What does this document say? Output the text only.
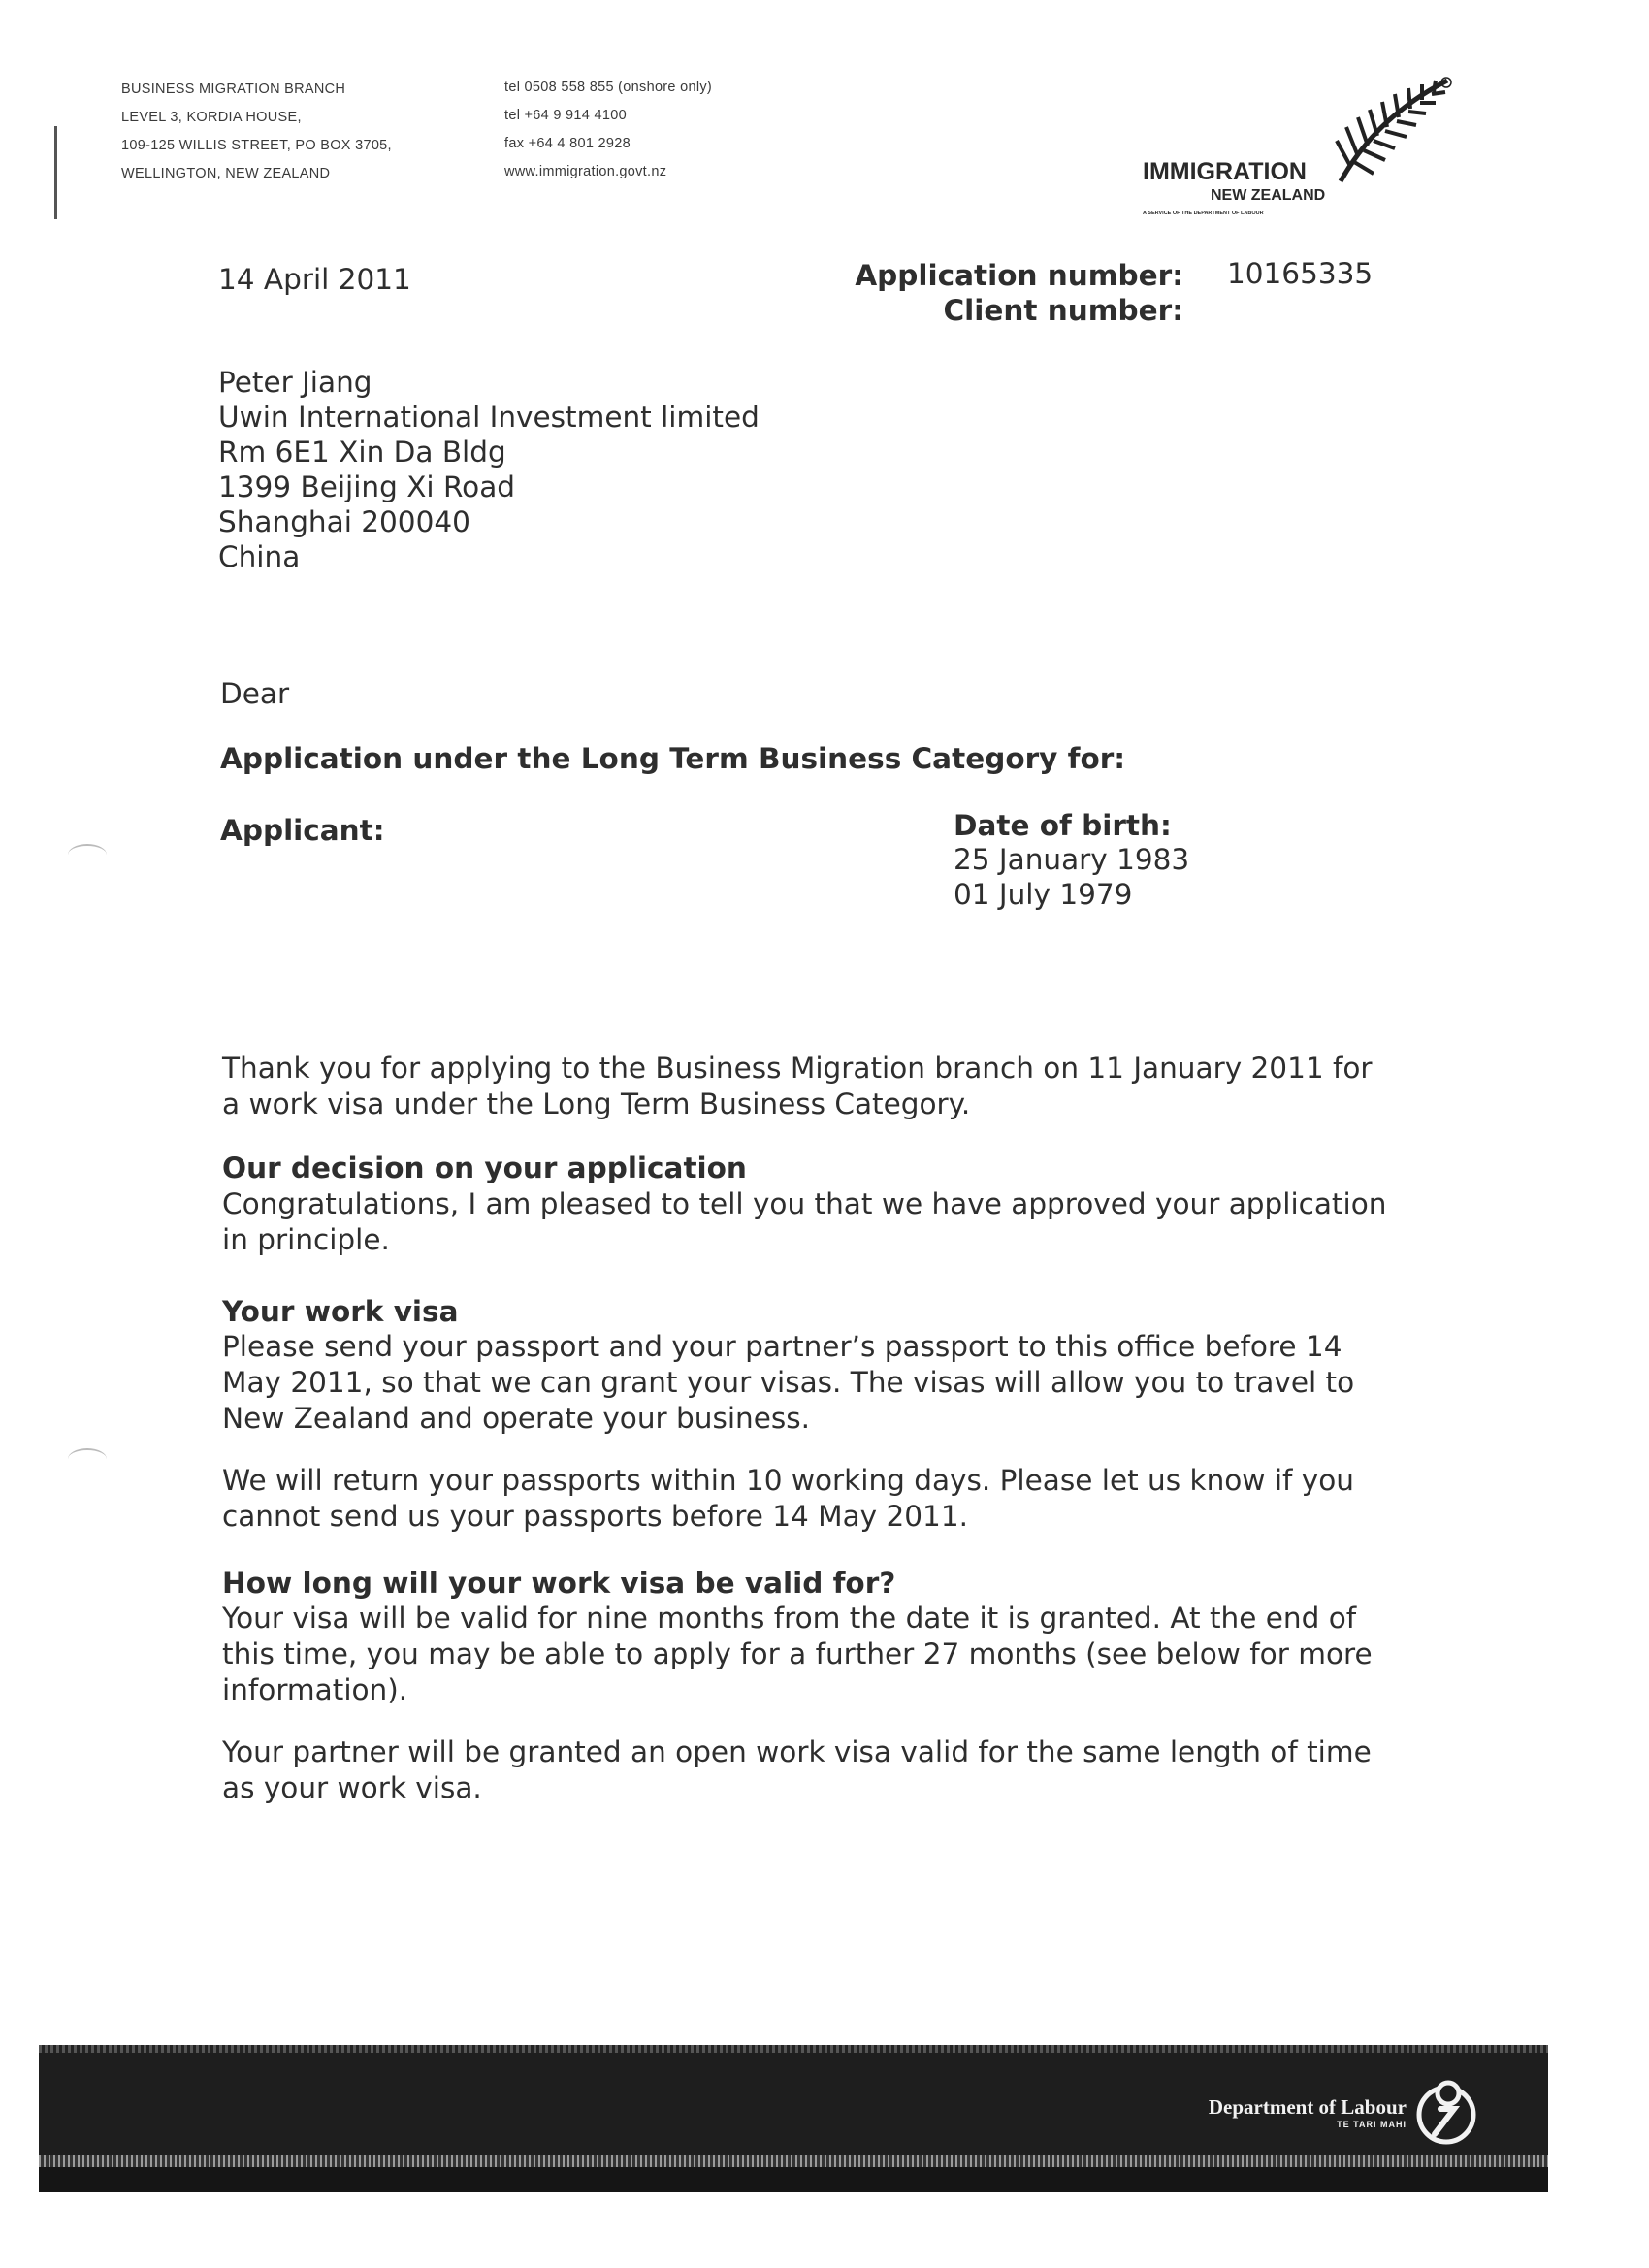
BUSINESS MIGRATION BRANCH
LEVEL 3, KORDIA HOUSE,
109-125 WILLIS STREET, PO BOX 3705,
WELLINGTON, NEW ZEALAND
tel 0508 558 855 (onshore only)
tel +64 9 914 4100
fax +64 4 801 2928
www.immigration.govt.nz	IMMIGRATION
NEW ZEALAND
A SERVICE OF THE DEPARTMENT OF LABOUR
14 April 2011	Application number: 10165335
Client number:
Peter Jiang
Uwin International Investment limited
Rm 6E1 Xin Da Bldg
1399 Beijing Xi Road
Shanghai 200040
China
Dear
Application under the Long Term Business Category for:
Applicant:	Date of birth:
25 January 1983
01 July 1979
Thank you for applying to the Business Migration branch on 11 January 2011 for
a work visa under the Long Term Business Category.
Our decision on your application
Congratulations, I am pleased to tell you that we have approved your application
in principle.
Your work visa
Please send your passport and your partner’s passport to this office before 14
May 2011, so that we can grant your visas. The visas will allow you to travel to
New Zealand and operate your business.
We will return your passports within 10 working days. Please let us know if you
cannot send us your passports before 14 May 2011.
How long will your work visa be valid for?
Your visa will be valid for nine months from the date it is granted. At the end of
this time, you may be able to apply for a further 27 months (see below for more
information).
Your partner will be granted an open work visa valid for the same length of time
as your work visa.
Department of Labour
TE TARI MAHI
